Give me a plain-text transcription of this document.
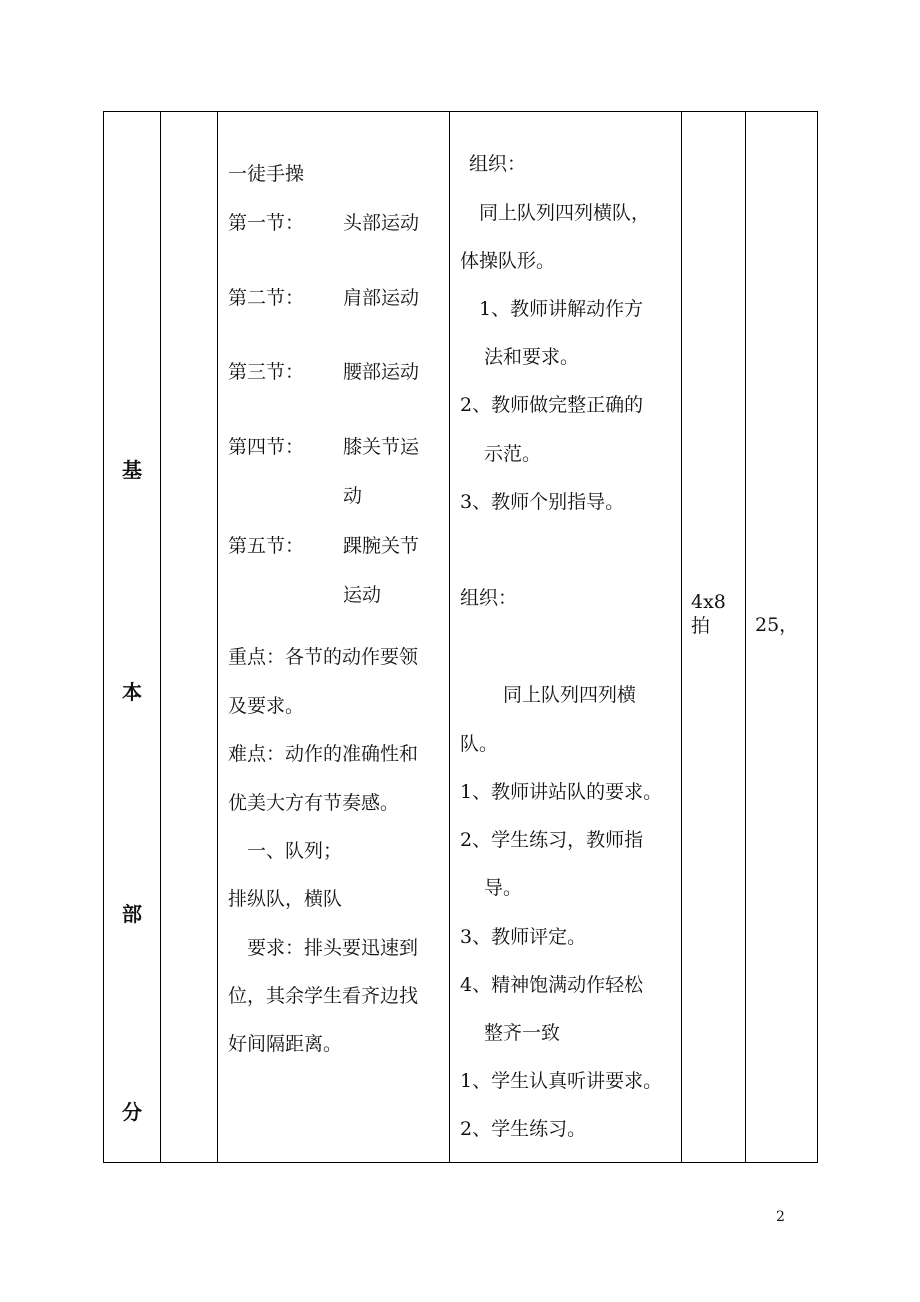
基
本
部
分
一徒手操
第一节： 头部运动
第二节： 肩部运动
第三节： 腰部运动
第四节： 膝关节运
动
第五节： 踝腕关节
运动
重点：各节的动作要领
及要求。
难点：动作的准确性和
优美大方有节奏感。
一、队列；
排纵队，横队
要求：排头要迅速到
位，其余学生看齐边找
好间隔距离。
组织：
同上队列四列横队，
体操队形。
1、教师讲解动作方
法和要求。
2、教师做完整正确的
示范。
3、教师个别指导。
组织：
同上队列四列横
队。
1、教师讲站队的要求。
2、学生练习，教师指
导。
3、教师评定。
4、精神饱满动作轻松
整齐一致
1、学生认真听讲要求。
2、学生练习。
4x8
拍 25，
2
